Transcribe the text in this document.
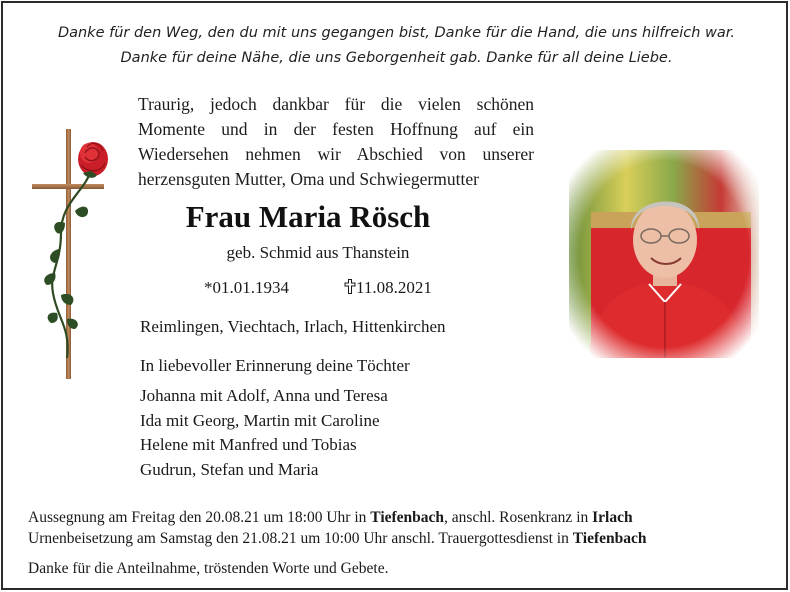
Danke für den Weg, den du mit uns gegangen bist, Danke für die Hand, die uns hilfreich war.
Danke für deine Nähe, die uns Geborgenheit gab. Danke für all deine Liebe.
Traurig, jedoch dankbar für die vielen schönen Momente und in der festen Hoffnung auf ein Wiedersehen nehmen wir Abschied von unserer herzensguten Mutter, Oma und Schwiegermutter
Frau Maria Rösch
geb. Schmid aus Thanstein
*01.01.1934	11.08.2021
Reimlingen, Viechtach, Irlach, Hittenkirchen
In liebevoller Erinnerung deine Töchter
Johanna mit Adolf, Anna und Teresa
Ida mit Georg, Martin mit Caroline
Helene mit Manfred und Tobias
Gudrun, Stefan und Maria
Aussegnung am Freitag den 20.08.21 um 18:00 Uhr in Tiefenbach, anschl. Rosenkranz in Irlach
Urnenbeisetzung am Samstag den 21.08.21 um 10:00 Uhr anschl. Trauergottesdienst in Tiefenbach
Danke für die Anteilnahme, tröstenden Worte und Gebete.
